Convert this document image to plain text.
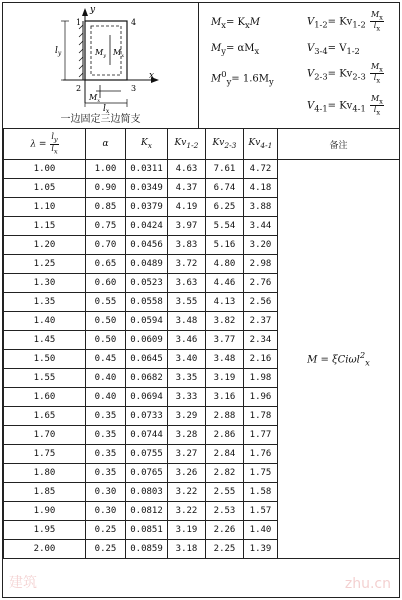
y
x
1	4
2	3
$l_y$
$l_x$
$M_y$ $M_x$
$M_x$
一边固定三边简支
$M_x= K_xM$
$M_y= \alpha M_x$
$M^0_y= 1.6M_y$
$V_{1-2}= Kv_{1-2} \frac{M_x}{l_x}$
$V_{3-4}= V_{1-2}$
$V_{2-3}= Kv_{2-3} \frac{M_x}{l_x}$
$V_{4-1}= Kv_{4-1} \frac{M_x}{l_x}$
$\lambda = \frac{l_y}{l_x}$	α	$K_x$	$Kv_{1-2}$	$Kv_{2-3}$	$Kv_{4-1}$	备注
1.00	1.00	0.0311	4.63	7.61	4.72	M = ξCiωl$^2_x$
1.05	0.90	0.0349	4.37	6.74	4.18	
1.10	0.85	0.0379	4.19	6.25	3.88	
1.15	0.75	0.0424	3.97	5.54	3.44	
1.20	0.70	0.0456	3.83	5.16	3.20	
1.25	0.65	0.0489	3.72	4.80	2.98	
1.30	0.60	0.0523	3.63	4.46	2.76	
1.35	0.55	0.0558	3.55	4.13	2.56	
1.40	0.50	0.0594	3.48	3.82	2.37	
1.45	0.50	0.0609	3.46	3.77	2.34	
1.50	0.45	0.0645	3.40	3.48	2.16	
1.55	0.40	0.0682	3.35	3.19	1.98	
1.60	0.40	0.0694	3.33	3.16	1.96	
1.65	0.35	0.0733	3.29	2.88	1.78	
1.70	0.35	0.0744	3.28	2.86	1.77	
1.75	0.35	0.0755	3.27	2.84	1.76	
1.80	0.35	0.0765	3.26	2.82	1.75	
1.85	0.30	0.0803	3.22	2.55	1.58	
1.90	0.30	0.0812	3.22	2.53	1.57	
1.95	0.25	0.0851	3.19	2.26	1.40	
2.00	0.25	0.0859	3.18	2.25	1.39	
建筑	zhu.cn
